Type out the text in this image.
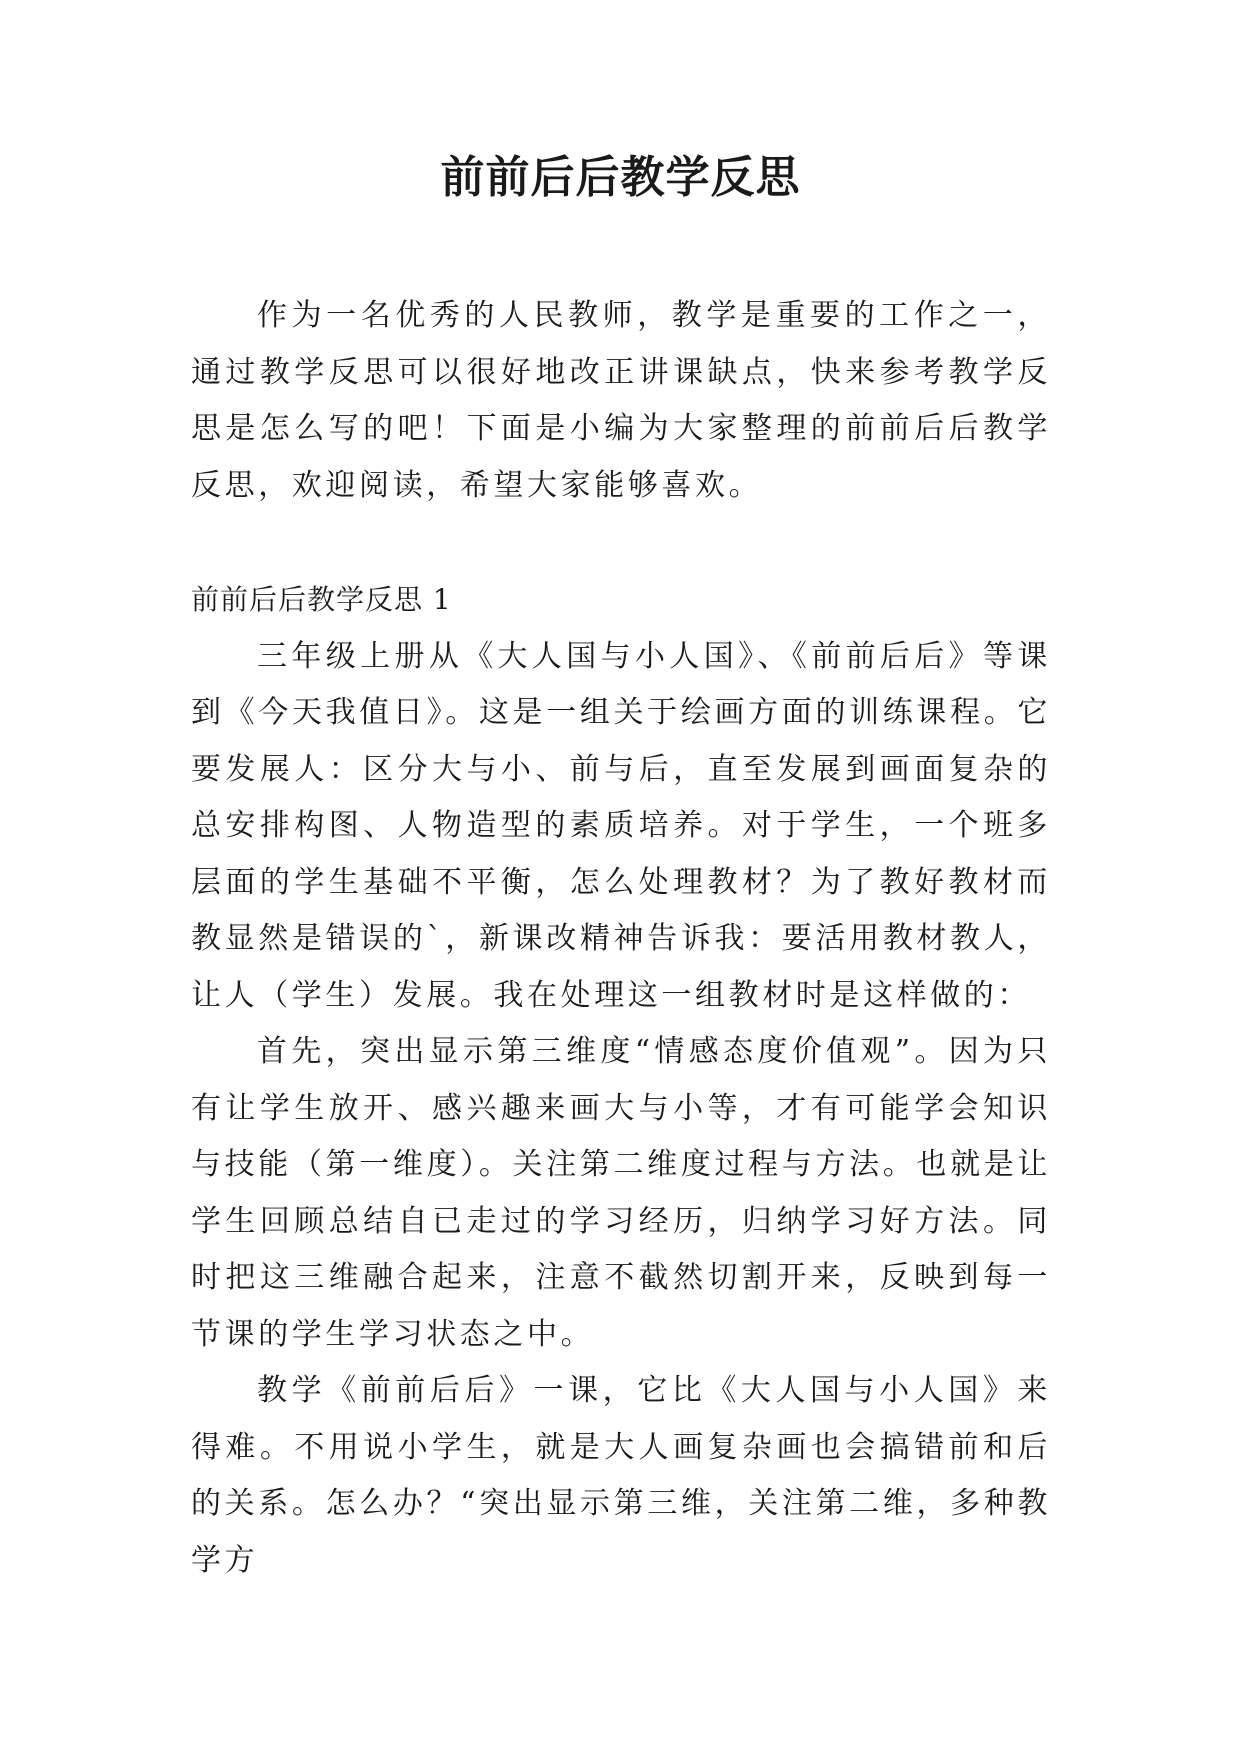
前前后后教学反思

作为一名优秀的人民教师，教学是重要的工作之一，通过教学反思可以很好地改正讲课缺点，快来参考教学反思是怎么写的吧！下面是小编为大家整理的前前后后教学反思，欢迎阅读，希望大家能够喜欢。

前前后后教学反思 1

三年级上册从《大人国与小人国》、《前前后后》等课到《今天我值日》。这是一组关于绘画方面的训练课程。它要发展人：区分大与小、前与后，直至发展到画面复杂的总安排构图、人物造型的素质培养。对于学生，一个班多层面的学生基础不平衡，怎么处理教材？为了教好教材而教显然是错误的`，新课改精神告诉我：要活用教材教人，让人（学生）发展。我在处理这一组教材时是这样做的：

首先，突出显示第三维度“情感态度价值观”。因为只有让学生放开、感兴趣来画大与小等，才有可能学会知识与技能（第一维度）。关注第二维度过程与方法。也就是让学生回顾总结自已走过的学习经历，归纳学习好方法。同时把这三维融合起来，注意不截然切割开来，反映到每一节课的学生学习状态之中。

教学《前前后后》一课，它比《大人国与小人国》来得难。不用说小学生，就是大人画复杂画也会搞错前和后的关系。怎么办？“突出显示第三维，关注第二维，多种教学方
